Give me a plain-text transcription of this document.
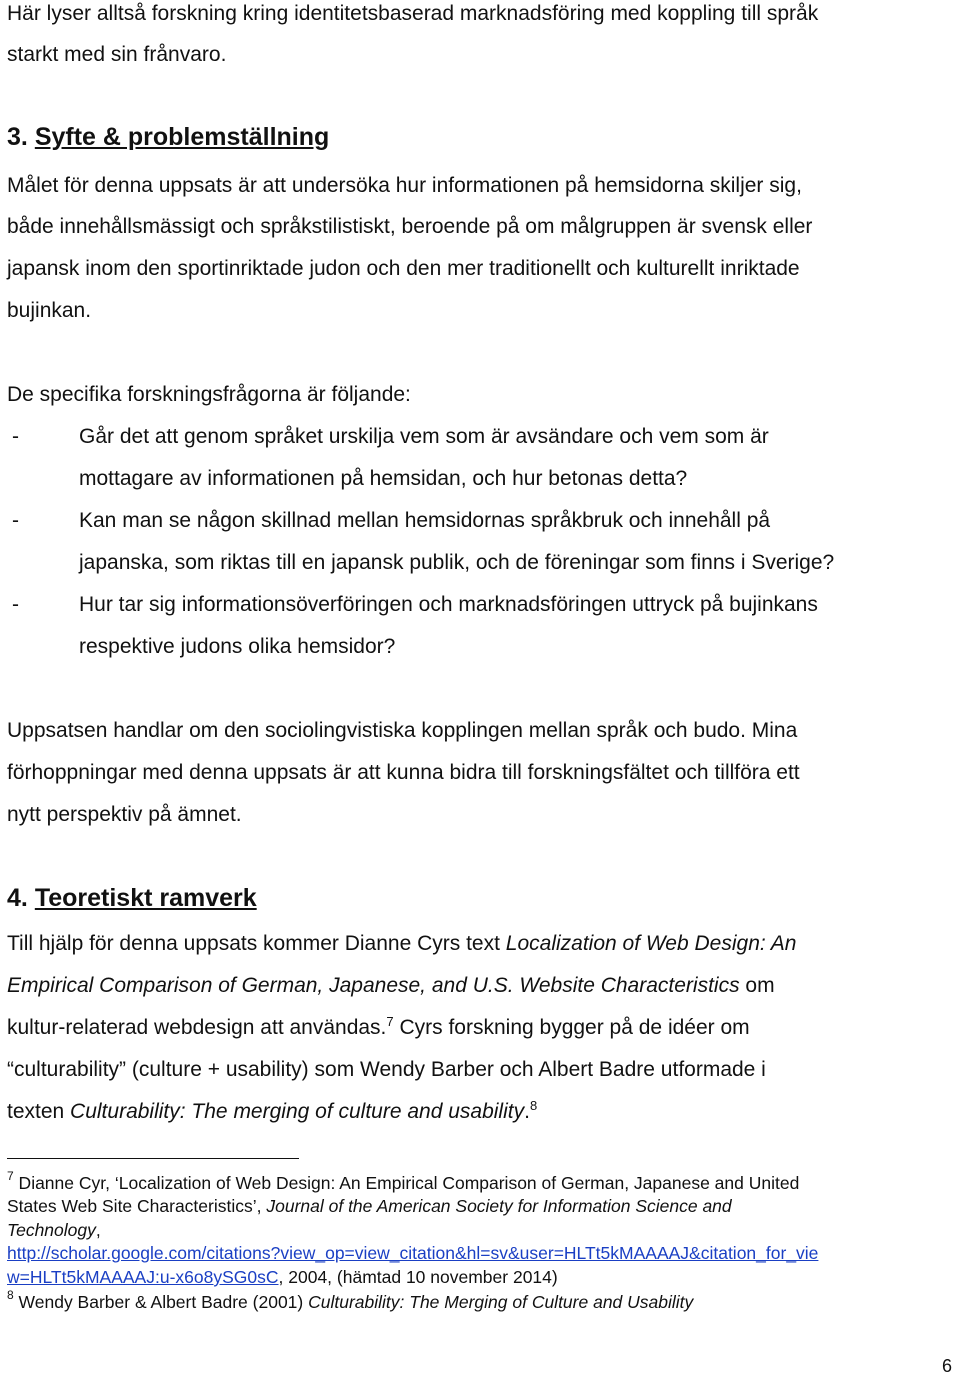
Här lyser alltså forskning kring identitetsbaserad marknadsföring med koppling till språk
starkt med sin frånvaro.
3. Syfte & problemställning
Målet för denna uppsats är att undersöka hur informationen på hemsidorna skiljer sig,
både innehållsmässigt och språkstilistiskt, beroende på om målgruppen är svensk eller
japansk inom den sportinriktade judon och den mer traditionellt och kulturellt inriktade
bujinkan.
De specifika forskningsfrågorna är följande:
-	Går det att genom språket urskilja vem som är avsändare och vem som är
mottagare av informationen på hemsidan, och hur betonas detta?
-	Kan man se någon skillnad mellan hemsidornas språkbruk och innehåll på
japanska, som riktas till en japansk publik, och de föreningar som finns i Sverige?
-	Hur tar sig informationsöverföringen och marknadsföringen uttryck på bujinkans
respektive judons olika hemsidor?
Uppsatsen handlar om den sociolingvistiska kopplingen mellan språk och budo. Mina
förhoppningar med denna uppsats är att kunna bidra till forskningsfältet och tillföra ett
nytt perspektiv på ämnet.
4. Teoretiskt ramverk
Till hjälp för denna uppsats kommer Dianne Cyrs text Localization of Web Design: An
Empirical Comparison of German, Japanese, and U.S. Website Characteristics om
kultur-relaterad webdesign att användas.$^7$ Cyrs forskning bygger på de idéer om
“culturability” (culture + usability) som Wendy Barber och Albert Badre utformade i
texten Culturability: The merging of culture and usability.$^8$
$^7$ Dianne Cyr, ‘Localization of Web Design: An Empirical Comparison of German, Japanese and United
States Web Site Characteristics’, Journal of the American Society for Information Science and
Technology,
http://scholar.google.com/citations?view_op=view_citation&hl=sv&user=HLTt5kMAAAAJ&citation_for_vie
w=HLTt5kMAAAAJ:u-x6o8ySG0sC, 2004, (hämtad 10 november 2014)
$^8$ Wendy Barber & Albert Badre (2001) Culturability: The Merging of Culture and Usability
6
